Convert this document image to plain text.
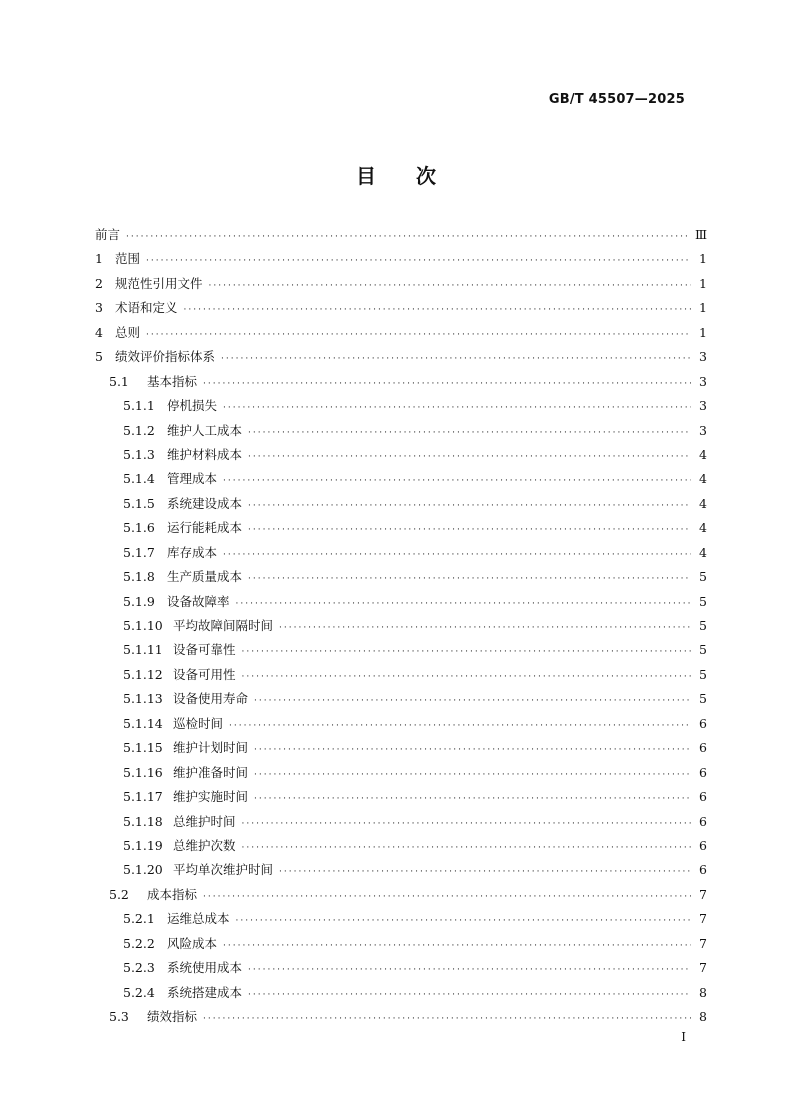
GB/T 45507—2025
目　　次
前言 ·····	Ⅲ
1 范围 ·····	1
2 规范性引用文件 ·····	1
3 术语和定义 ·····	1
4 总则 ·····	1
5 绩效评价指标体系 ·····	3
5.1	基本指标 ·····	3
5.1.1 停机损失 ·····	3
5.1.2 维护人工成本 ·····	3
5.1.3 维护材料成本 ·····	4
5.1.4 管理成本 ·····	4
5.1.5 系统建设成本 ·····	4
5.1.6 运行能耗成本 ·····	4
5.1.7 库存成本 ·····	4
5.1.8 生产质量成本 ·····	5
5.1.9 设备故障率 ·····	5
5.1.10 平均故障间隔时间 ·····	5
5.1.11 设备可靠性 ·····	5
5.1.12 设备可用性 ·····	5
5.1.13 设备使用寿命 ·····	5
5.1.14 巡检时间 ·····	6
5.1.15 维护计划时间 ·····	6
5.1.16 维护准备时间 ·····	6
5.1.17 维护实施时间 ·····	6
5.1.18 总维护时间 ·····	6
5.1.19 总维护次数 ·····	6
5.1.20 平均单次维护时间 ·····	6
5.2	成本指标 ·····	7
5.2.1 运维总成本 ·····	7
5.2.2 风险成本 ·····	7
5.2.3 系统使用成本 ·····	7
5.2.4 系统搭建成本 ·····	8
5.3	绩效指标 ·····	8
I
